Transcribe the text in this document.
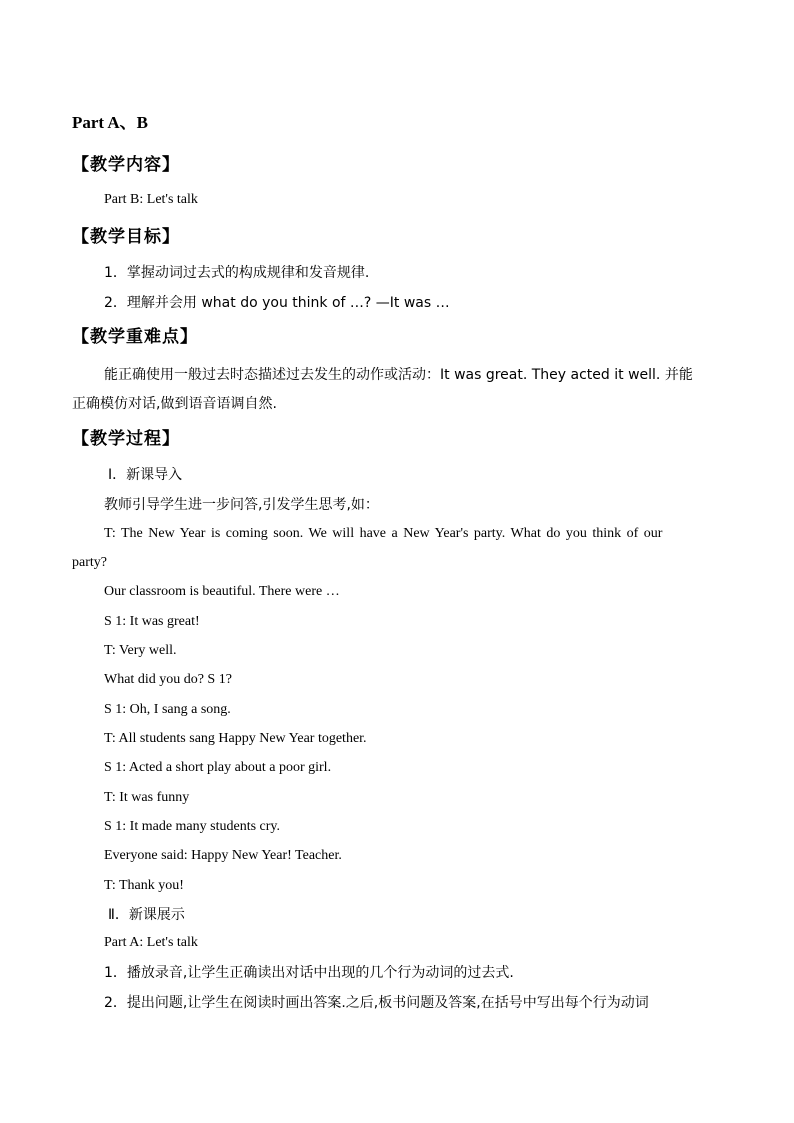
Part A、B
【教学内容】
Part B: Let's talk
【教学目标】
1．掌握动词过去式的构成规律和发音规律.
2．理解并会用 what do you think of …? —It was …
【教学重难点】
能正确使用一般过去时态描述过去发生的动作或活动：It was great. They acted it well. 并能
正确模仿对话,做到语音语调自然.
【教学过程】
Ⅰ．新课导入
教师引导学生进一步问答,引发学生思考,如：
T: The New Year is coming soon. We will have a New Year's party. What do you think of our
party?
Our classroom is beautiful. There were …
S 1: It was great!
T: Very well.
What did you do? S 1?
S 1: Oh, I sang a song.
T: All students sang Happy New Year together.
S 1: Acted a short play about a poor girl.
T: It was funny
S 1: It made many students cry.
Everyone said: Happy New Year! Teacher.
T: Thank you!
Ⅱ．新课展示
Part A: Let's talk
1．播放录音,让学生正确读出对话中出现的几个行为动词的过去式.
2．提出问题,让学生在阅读时画出答案.之后,板书问题及答案,在括号中写出每个行为动词
